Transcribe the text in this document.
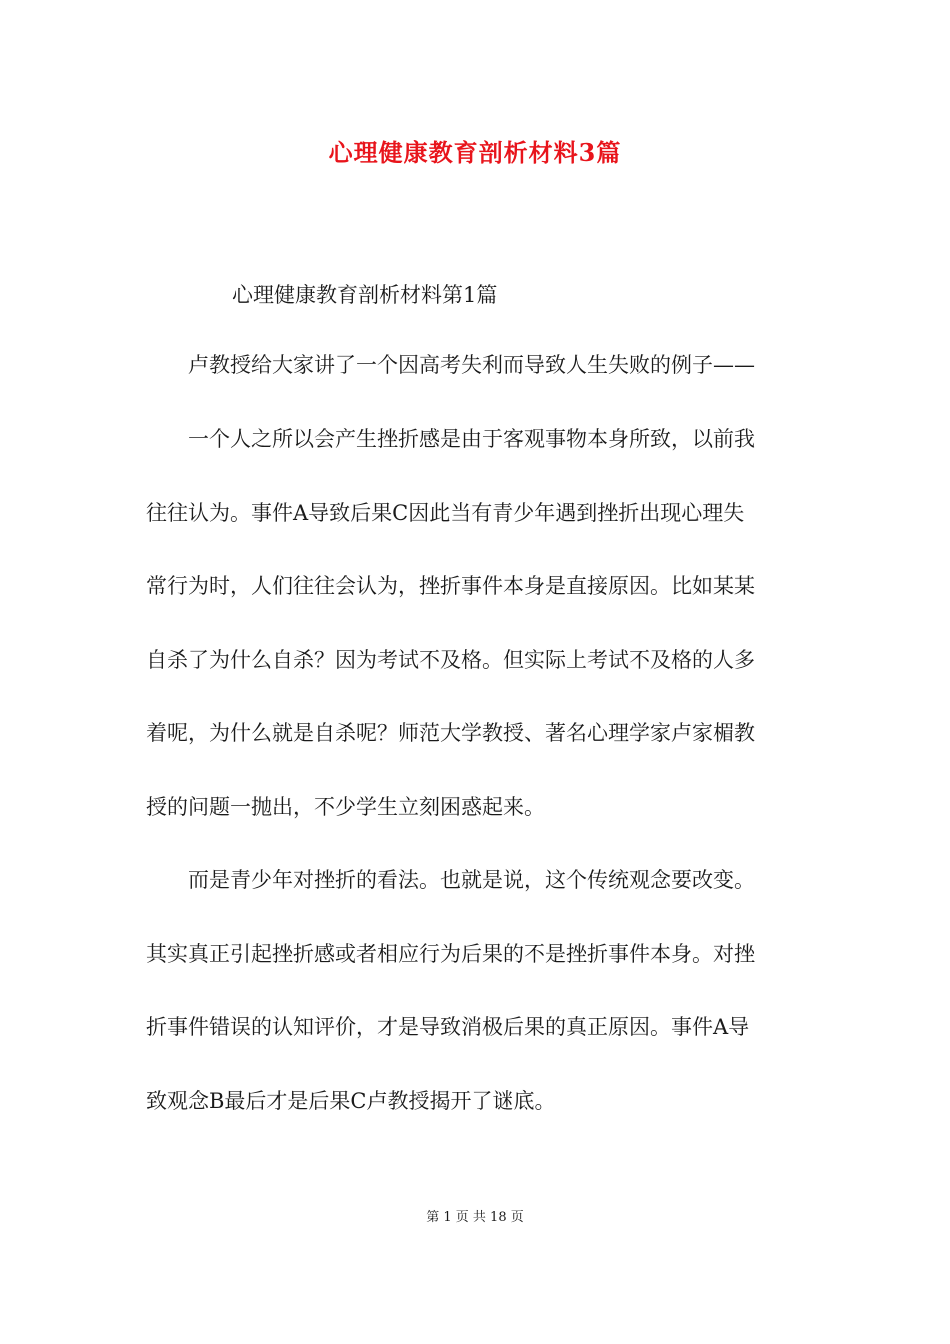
心理健康教育剖析材料3篇
心理健康教育剖析材料第1篇
　　卢教授给大家讲了一个因高考失利而导致人生失败的例子——
　　一个人之所以会产生挫折感是由于客观事物本身所致，以前我
往往认为。事件A导致后果C因此当有青少年遇到挫折出现心理失
常行为时，人们往往会认为，挫折事件本身是直接原因。比如某某
自杀了为什么自杀？因为考试不及格。但实际上考试不及格的人多
着呢，为什么就是自杀呢？师范大学教授、著名心理学家卢家楣教
授的问题一抛出，不少学生立刻困惑起来。
　　而是青少年对挫折的看法。也就是说，这个传统观念要改变。
其实真正引起挫折感或者相应行为后果的不是挫折事件本身。对挫
折事件错误的认知评价，才是导致消极后果的真正原因。事件A导
致观念B最后才是后果C卢教授揭开了谜底。
第 1 页 共 18 页
